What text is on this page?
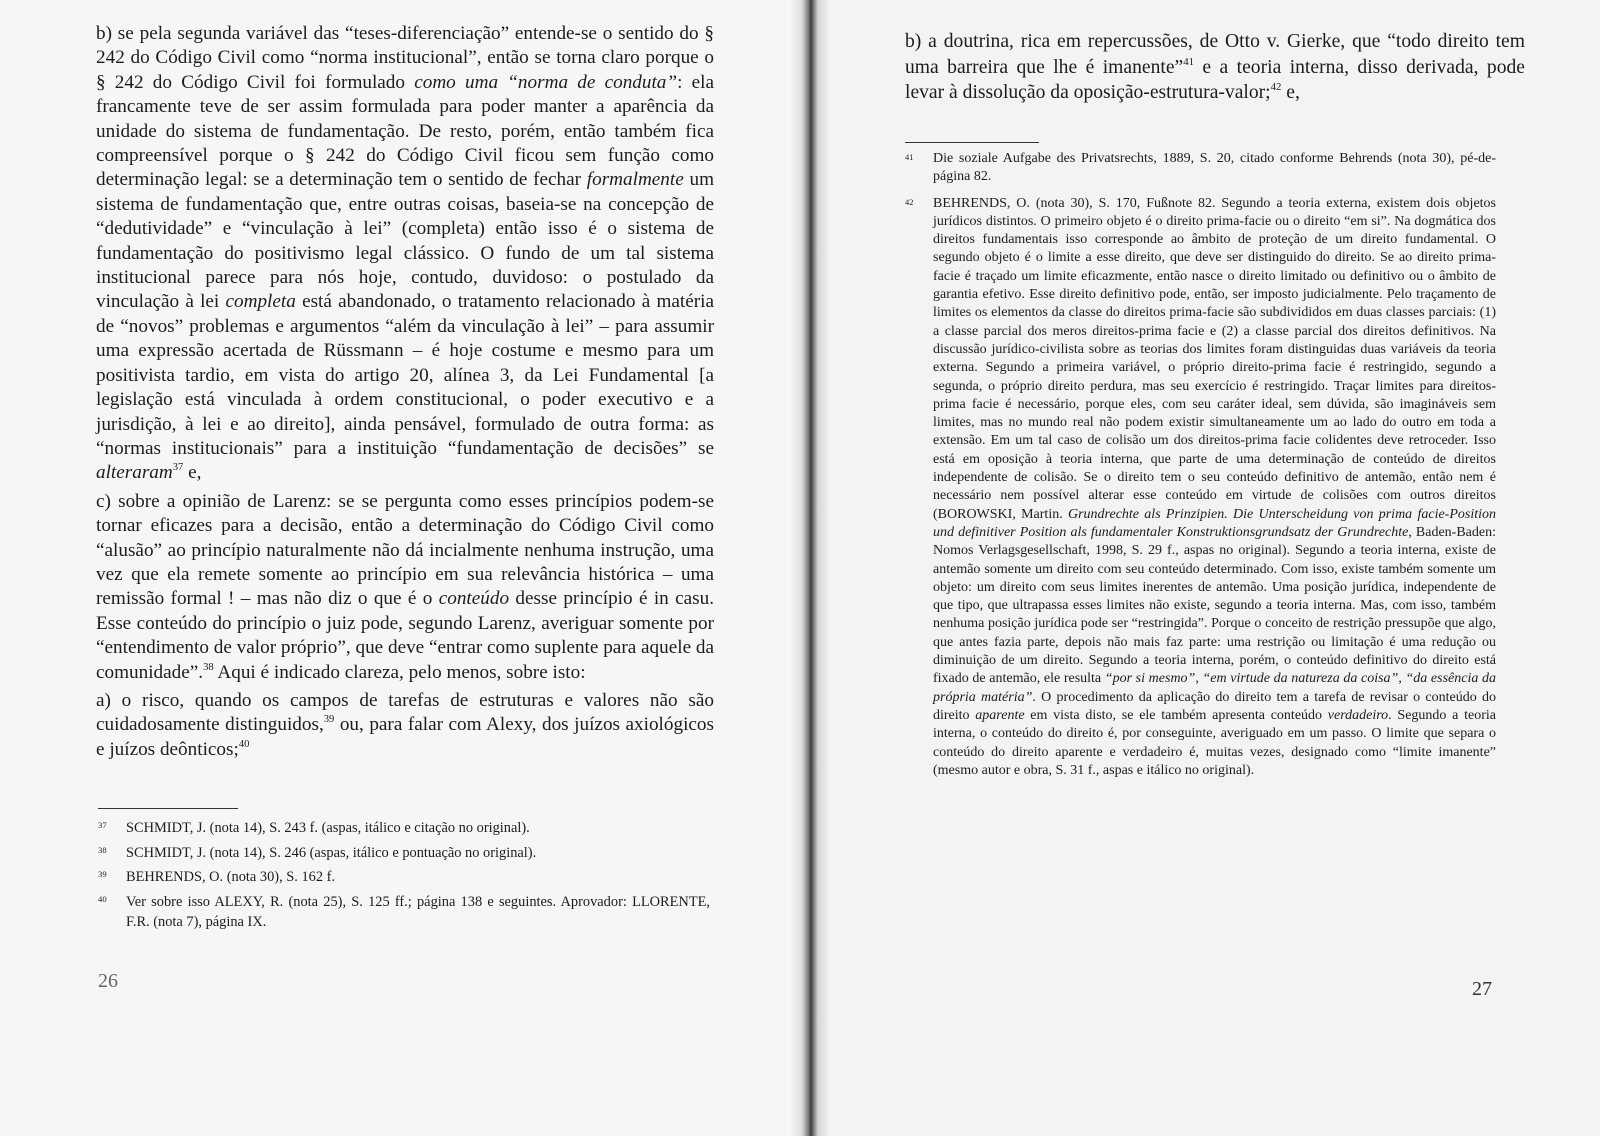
b) se pela segunda variável das “teses-diferenciação” entende-se o sentido do § 242 do Código Civil como “norma institucional”, então se torna claro porque o § 242 do Código Civil foi formulado como uma “norma de conduta”: ela francamente teve de ser assim formulada para poder manter a aparência da unidade do sistema de fundamentação. De resto, porém, então também fica compreensível porque o § 242 do Código Civil ficou sem função como determinação legal: se a determinação tem o sentido de fechar formalmente um sistema de fundamentação que, entre outras coisas, baseia-se na concepção de “dedutividade” e “vinculação à lei” (completa) então isso é o sistema de fundamentação do positivismo legal clássico. O fundo de um tal sistema institucional parece para nós hoje, contudo, duvidoso: o postulado da vinculação à lei completa está abandonado, o tratamento relacionado à matéria de “novos” problemas e argumentos “além da vinculação à lei” – para assumir uma expressão acertada de Rüssmann – é hoje costume e mesmo para um positivista tardio, em vista do artigo 20, alínea 3, da Lei Fundamental [a legislação está vinculada à ordem constitucional, o poder executivo e a jurisdição, à lei e ao direito], ainda pensável, formulado de outra forma: as “normas institucionais” para a instituição “fundamentação de decisões” se alteraram$^{37}$ e,

c) sobre a opinião de Larenz: se se pergunta como esses princípios podem-se tornar eficazes para a decisão, então a determinação do Código Civil como “alusão” ao princípio naturalmente não dá incialmente nenhuma instrução, uma vez que ela remete somente ao princípio em sua relevância histórica – uma remissão formal ! – mas não diz o que é o conteúdo desse princípio é in casu. Esse conteúdo do princípio o juiz pode, segundo Larenz, averiguar somente por “entendimento de valor próprio”, que deve “entrar como suplente para aquele da comunidade”.$^{38}$ Aqui é indicado clareza, pelo menos, sobre isto:

a) o risco, quando os campos de tarefas de estruturas e valores não são cuidadosamente distinguidos,$^{39}$ ou, para falar com Alexy, dos juízos axiológicos e juízos deônticos;$^{40}$

37 SCHMIDT, J. (nota 14), S. 243 f. (aspas, itálico e citação no original).
38 SCHMIDT, J. (nota 14), S. 246 (aspas, itálico e pontuação no original).
39 BEHRENDS, O. (nota 30), S. 162 f.
40 Ver sobre isso ALEXY, R. (nota 25), S. 125 ff.; página 138 e seguintes. Aprovador: LLORENTE, F.R. (nota 7), página IX.
26

b) a doutrina, rica em repercussões, de Otto v. Gierke, que “todo direito tem uma barreira que lhe é imanente”$^{41}$ e a teoria interna, disso derivada, pode levar à dissolução da oposição-estrutura-valor;$^{42}$ e,

41 Die soziale Aufgabe des Privatsrechts, 1889, S. 20, citado conforme Behrends (nota 30), pé-de-página 82.
42 BEHRENDS, O. (nota 30), S. 170, Fußnote 82. Segundo a teoria externa, existem dois objetos jurídicos distintos. O primeiro objeto é o direito prima-facie ou o direito “em si”. Na dogmática dos direitos fundamentais isso corresponde ao âmbito de proteção de um direito fundamental. O segundo objeto é o limite a esse direito, que deve ser distinguido do direito. Se ao direito prima-facie é traçado um limite eficazmente, então nasce o direito limitado ou definitivo ou o âmbito de garantia efetivo. Esse direito definitivo pode, então, ser imposto judicialmente. Pelo traçamento de limites os elementos da classe do direitos prima-facie são subdivididos em duas classes parciais: (1) a classe parcial dos meros direitos-prima facie e (2) a classe parcial dos direitos definitivos. Na discussão jurídico-civilista sobre as teorias dos limites foram distinguidas duas variáveis da teoria externa. Segundo a primeira variável, o próprio direito-prima facie é restringido, segundo a segunda, o próprio direito perdura, mas seu exercício é restringido. Traçar limites para direitos-prima facie é necessário, porque eles, com seu caráter ideal, sem dúvida, são imagináveis sem limites, mas no mundo real não podem existir simultaneamente um ao lado do outro em toda a extensão. Em um tal caso de colisão um dos direitos-prima facie colidentes deve retroceder. Isso está em oposição à teoria interna, que parte de uma determinação de conteúdo de direitos independente de colisão. Se o direito tem o seu conteúdo definitivo de antemão, então nem é necessário nem possível alterar esse conteúdo em virtude de colisões com outros direitos (BOROWSKI, Martin. Grundrechte als Prinzipien. Die Unterscheidung von prima facie-Position und definitiver Position als fundamentaler Konstruktionsgrundsatz der Grundrechte, Baden-Baden: Nomos Verlagsgesellschaft, 1998, S. 29 f., aspas no original). Segundo a teoria interna, existe de antemão somente um direito com seu conteúdo determinado. Com isso, existe também somente um objeto: um direito com seus limites inerentes de antemão. Uma posição jurídica, independente de que tipo, que ultrapassa esses limites não existe, segundo a teoria interna. Mas, com isso, também nenhuma posição jurídica pode ser “restringida”. Porque o conceito de restrição pressupõe que algo, que antes fazia parte, depois não mais faz parte: uma restrição ou limitação é uma redução ou diminuição de um direito. Segundo a teoria interna, porém, o conteúdo definitivo do direito está fixado de antemão, ele resulta “por si mesmo”, “em virtude da natureza da coisa”, “da essência da própria matéria”. O procedimento da aplicação do direito tem a tarefa de revisar o conteúdo do direito aparente em vista disto, se ele também apresenta conteúdo verdadeiro. Segundo a teoria interna, o conteúdo do direito é, por conseguinte, averiguado em um passo. O limite que separa o conteúdo do direito aparente e verdadeiro é, muitas vezes, designado como “limite imanente” (mesmo autor e obra, S. 31 f., aspas e itálico no original).
27
